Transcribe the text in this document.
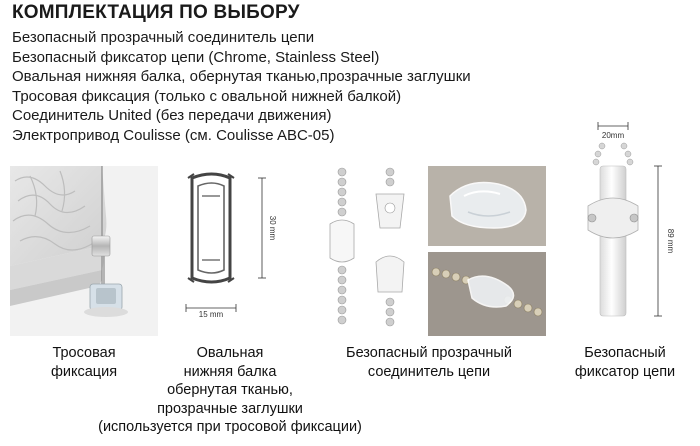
КОМПЛЕКТАЦИЯ ПО ВЫБОРУ
Безопасный прозрачный соединитель цепи
Безопасный фиксатор цепи (Chrome, Stainless Steel)
Овальная нижняя балка, обернутая тканью,прозрачные заглушки
Тросовая фиксация (только с овальной нижней балкой)
Соединитель United (без передачи движения)
Электропривод Coulisse (см. Coulisse ABC-05)
30 mm
15 mm
20mm
89 mm
Тросовая
фиксация
Овальная
нижняя балка
обернутая тканью,
прозрачные заглушки
(используется при тросовой фиксации)
Безопасный прозрачный
соединитель цепи
Безопасный
фиксатор цепи
